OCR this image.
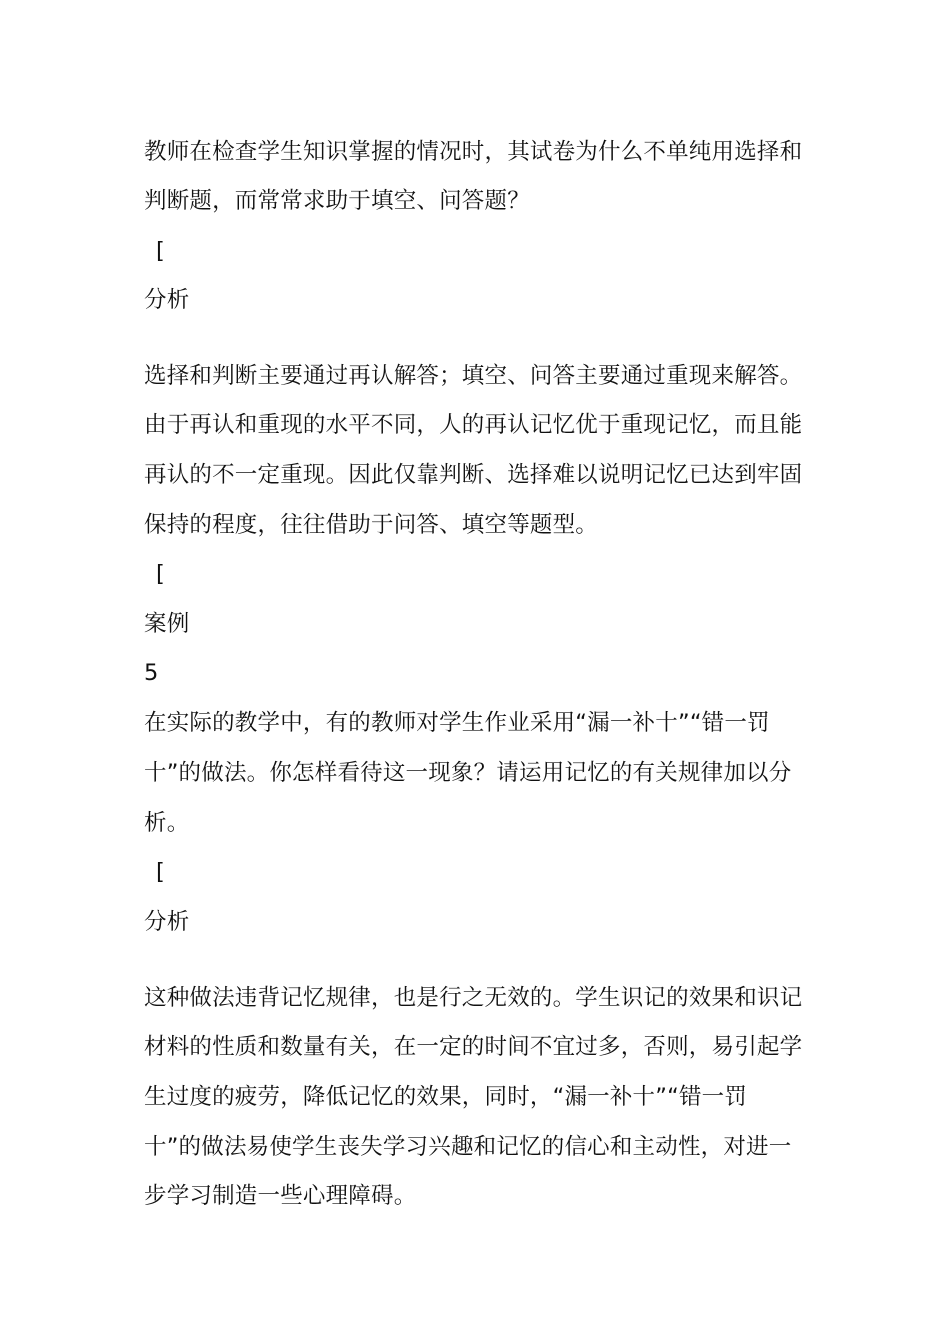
教师在检查学生知识掌握的情况时，其试卷为什么不单纯用选择和
判断题，而常常求助于填空、问答题？
[
分析
选择和判断主要通过再认解答；填空、问答主要通过重现来解答。
由于再认和重现的水平不同，人的再认记忆优于重现记忆，而且能
再认的不一定重现。因此仅靠判断、选择难以说明记忆已达到牢固
保持的程度，往往借助于问答、填空等题型。
[
案例
5
在实际的教学中，有的教师对学生作业采用“漏一补十”“错一罚
十”的做法。你怎样看待这一现象？请运用记忆的有关规律加以分
析。
[
分析
这种做法违背记忆规律，也是行之无效的。学生识记的效果和识记
材料的性质和数量有关，在一定的时间不宜过多，否则，易引起学
生过度的疲劳，降低记忆的效果，同时，“漏一补十”“错一罚
十”的做法易使学生丧失学习兴趣和记忆的信心和主动性，对进一
步学习制造一些心理障碍。
